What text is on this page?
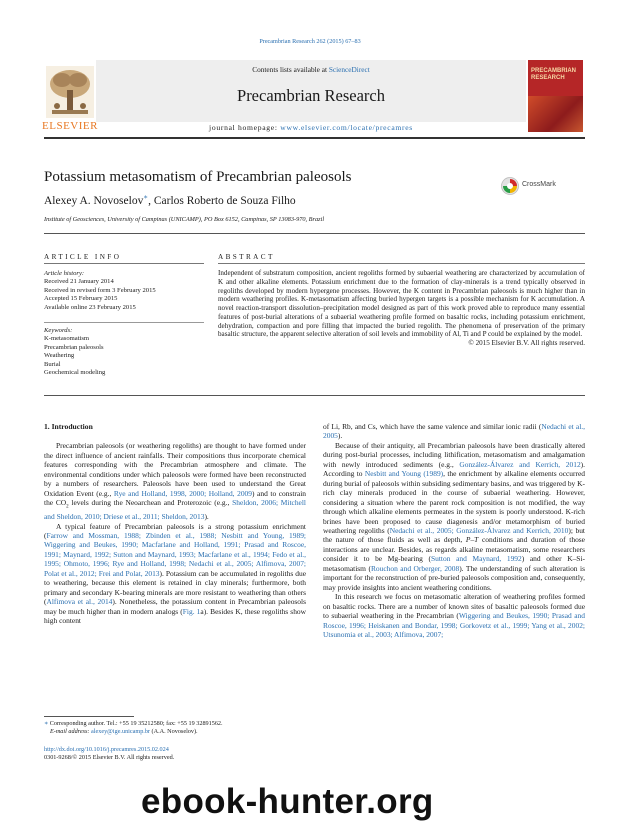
Precambrian Research 262 (2015) 67–83
ELSEVIER
Contents lists available at ScienceDirect
Precambrian Research
journal homepage: www.elsevier.com/locate/precamres
PRECAMBRIAN RESEARCH
Potassium metasomatism of Precambrian paleosols
Alexey A. Novoselov∗, Carlos Roberto de Souza Filho
Institute of Geosciences, University of Campinas (UNICAMP), PO Box 6152, Campinas, SP 13083-970, Brazil
CrossMark
ARTICLE INFO
Article history:
Received 21 January 2014
Received in revised form 3 February 2015
Accepted 15 February 2015
Available online 23 February 2015
Keywords:
K-metasomatism
Precambrian paleosols
Weathering
Burial
Geochemical modeling
ABSTRACT
Independent of substratum composition, ancient regoliths formed by subaerial weathering are characterized by accumulation of K and other alkaline elements. Potassium enrichment due to the formation of clay-minerals is a trend typically observed in regoliths developed by modern hypergene processes. However, the K content in Precambrian paleosols is much higher than in modern weathering profiles. K-metasomatism affecting buried hypergen targets is a possible mechanism for K accumulation. A novel reaction-transport dissolution–precipitation model designed as part of this work proved able to reproduce many essential features of post-burial alterations of a subaerial weathering profile formed on basaltic rocks, including potassium enrichment, dehydration, compaction and pore filling that impacted the buried regolith. The phenomena of preservation of the primary basaltic structure, the apparent selective alteration of soil levels and immobility of Al, Ti and P could be explained by the model.
© 2015 Elsevier B.V. All rights reserved.

1. Introduction

Precambrian paleosols (or weathering regoliths) are thought to have formed under the direct influence of ancient rainfalls. Their compositions thus incorporate chemical features corresponding with the Precambrian atmosphere and climate. The environmental conditions under which paleosols were formed have been reconstructed by a numbers of researchers. Paleosols have been used to understand the Great Oxidation Event (e.g., Rye and Holland, 1998, 2000; Holland, 2009) and to constrain the $CO_2$ levels during the Neoarchean and Proterozoic (e.g., Sheldon, 2006; Mitchell and Sheldon, 2010; Driese et al., 2011; Sheldon, 2013).

A typical feature of Precambrian paleosols is a strong potassium enrichment (Farrow and Mossman, 1988; Zbinden et al., 1988; Nesbitt and Young, 1989; Wiggering and Beukes, 1990; Macfarlane and Holland, 1991; Prasad and Roscoe, 1991; Maynard, 1992; Sutton and Maynard, 1993; Macfarlane et al., 1994; Fedo et al., 1995; Ohmoto, 1996; Rye and Holland, 1998; Nedachi et al., 2005; Alfimova, 2007; Polat et al., 2012; Frei and Polat, 2013). Potassium can be accumulated in regoliths due to weathering, because this element is retained in clay minerals; furthermore, both primary and secondary K-bearing minerals are more resistant to weathering than others (Alfimova et al., 2014). Nonetheless, the potassium content in Precambrian paleosols may be much higher than in modern analogs (Fig. 1a). Besides K, these regoliths show high content

of Li, Rb, and Cs, which have the same valence and similar ionic radii (Nedachi et al., 2005).

Because of their antiquity, all Precambrian paleosols have been drastically altered during post-burial processes, including lithification, metasomatism and amalgamation with newly introduced sediments (e.g., González-Álvarez and Kerrich, 2012). According to Nesbitt and Young (1989), the enrichment by alkaline elements occurred during burial of paleosols within subsiding sedimentary basins, and was triggered by K-rich clay minerals produced in the course of subaerial weathering. However, considering a situation where the parent rock composition is not modified, the way through which alkaline elements permeates in the system is poorly understood. K-rich brines have been proposed to cause diagenesis and/or metamorphism of buried weathering regoliths (Nedachi et al., 2005; González-Álvarez and Kerrich, 2010); but the nature of those fluids as well as depth, P–T conditions and duration of those interactions are unclear. Besides, as regards alkaline metasomatism, some researchers consider it to be Mg-bearing (Sutton and Maynard, 1992) and other K–Si-metasomatism (Rouchon and Orberger, 2008). The understanding of such alteration is important for the reconstruction of pre-buried paleosols composition and, consequently, may provide insights into ancient weathering conditions.

In this research we focus on metasomatic alteration of weathering profiles formed on basaltic rocks. There are a number of known sites of basaltic paleosols formed due to subaerial weathering in the Precambrian (Wiggering and Beukes, 1990; Prasad and Roscoe, 1996; Heiskanen and Bondar, 1998; Gorkovetz et al., 1999; Yang et al., 2002; Utsunomia et al., 2003; Alfimova, 2007;

∗ Corresponding author. Tel.: +55 19 35212580; fax: +55 19 32891562.
E-mail address: alexey@ige.unicamp.br (A.A. Novoselov).
http://dx.doi.org/10.1016/j.precamres.2015.02.024
0301-9268/© 2015 Elsevier B.V. All rights reserved.
ebook-hunter.org
